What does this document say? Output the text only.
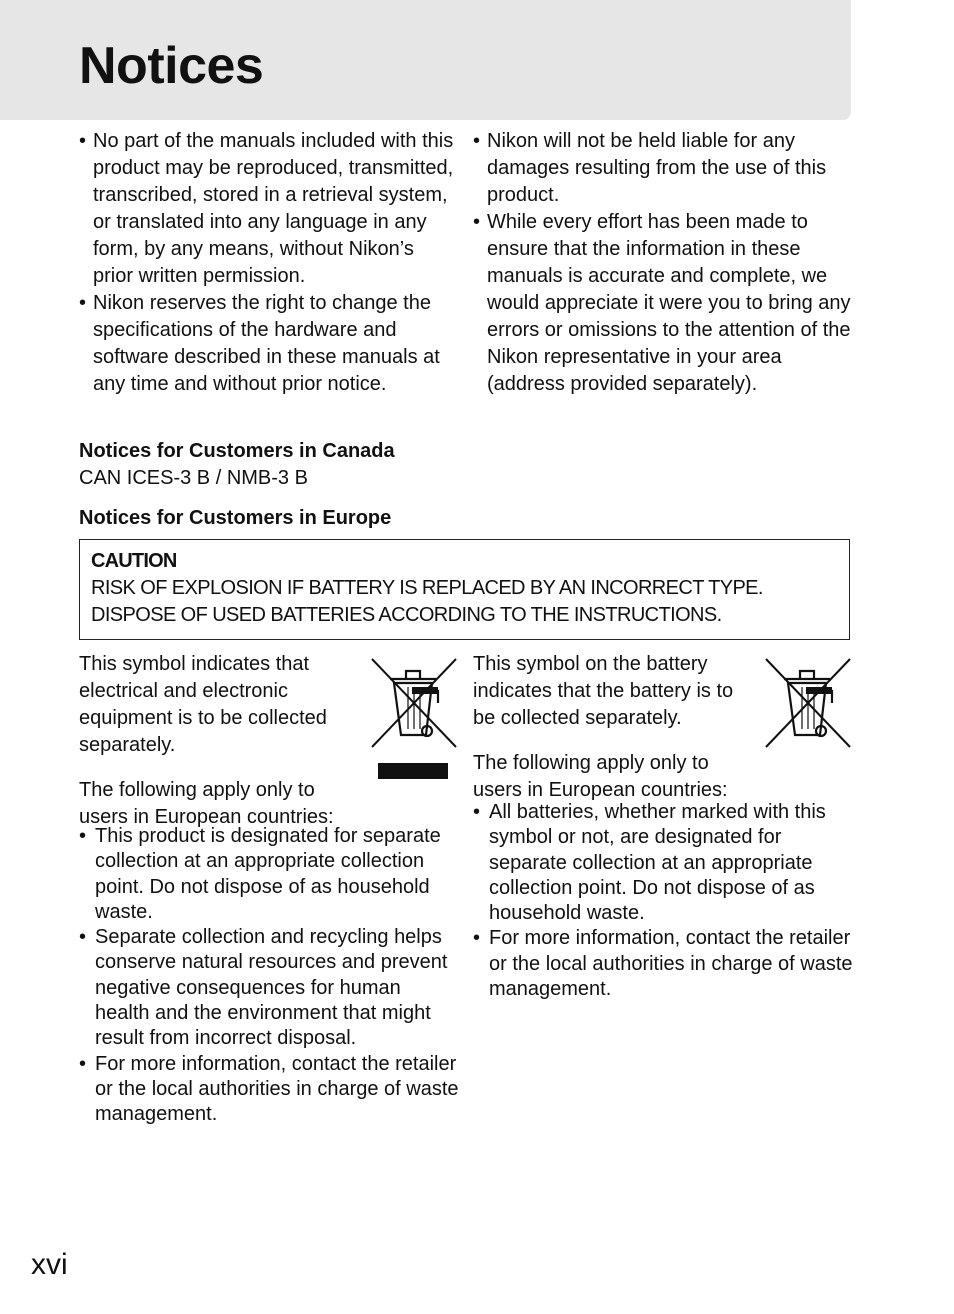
Notices
• No part of the manuals included with this product may be reproduced, transmitted, transcribed, stored in a retrieval system, or translated into any language in any form, by any means, without Nikon’s prior written permission.
• Nikon reserves the right to change the specifications of the hardware and software described in these manuals at any time and without prior notice.
• Nikon will not be held liable for any damages resulting from the use of this product.
• While every effort has been made to ensure that the information in these manuals is accurate and complete, we would appreciate it were you to bring any errors or omissions to the attention of the Nikon representative in your area (address provided separately).
Notices for Customers in Canada
CAN ICES-3 B / NMB-3 B
Notices for Customers in Europe
CAUTION
RISK OF EXPLOSION IF BATTERY IS REPLACED BY AN INCORRECT TYPE. DISPOSE OF USED BATTERIES ACCORDING TO THE INSTRUCTIONS.

This symbol indicates that electrical and electronic equipment is to be collected separately.

The following apply only to users in European countries:

• This product is designated for separate collection at an appropriate collection point. Do not dispose of as household waste.
• Separate collection and recycling helps conserve natural resources and prevent negative consequences for human health and the environment that might result from incorrect disposal.
• For more information, contact the retailer or the local authorities in charge of waste management.

This symbol on the battery indicates that the battery is to be collected separately.

The following apply only to users in European countries:

• All batteries, whether marked with this symbol or not, are designated for separate collection at an appropriate collection point. Do not dispose of as household waste.
• For more information, contact the retailer or the local authorities in charge of waste management.
xvi
